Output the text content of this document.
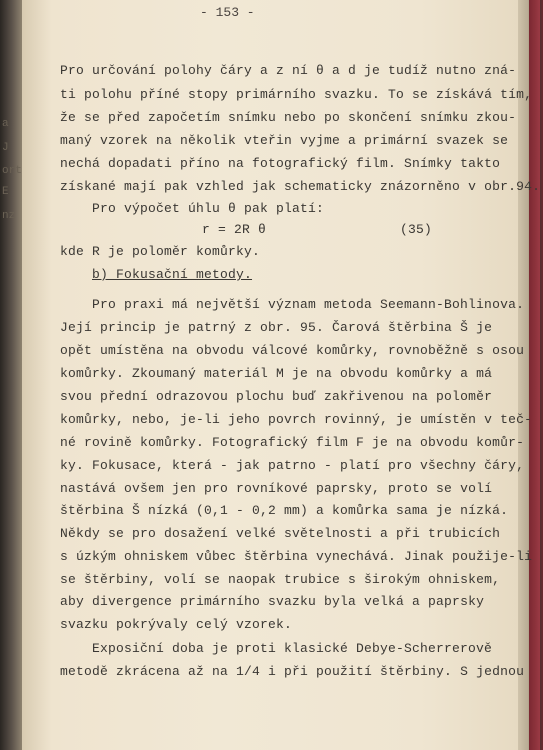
a
J
ort
E
nz
- 153 -
Pro určování polohy čáry a z ní θ a d je tudíž nutno zná-
ti polohu příné stopy primárního svazku. To se získává tím,
že se před započetím snímku nebo po skončení snímku zkou-
maný vzorek na několik vteřin vyjme a primární svazek se
nechá dopadati příno na fotografický film. Snímky takto
získané mají pak vzhled jak schematicky znázorněno v obr.94.
Pro výpočet úhlu θ pak platí:
r = 2R θ	(35)
kde R je poloměr komůrky.
b) Fokusační metody.
Pro praxi má největší význam metoda Seemann-Bohlinova.
Její princip je patrný z obr. 95. Čarová štěrbina Š je
opět umístěna na obvodu válcové komůrky, rovnoběžně s osou
komůrky. Zkoumaný materiál M je na obvodu komůrky a má
svou přední odrazovou plochu buď zakřivenou na poloměr
komůrky, nebo, je-li jeho povrch rovinný, je umístěn v teč-
né rovině komůrky. Fotografický film F je na obvodu komůr-
ky. Fokusace, která - jak patrno - platí pro všechny čáry,
nastává ovšem jen pro rovníkové paprsky, proto se volí
štěrbina Š nízká (0,1 - 0,2 mm) a komůrka sama je nízká.
Někdy se pro dosažení velké světelnosti a při trubicích
s úzkým ohniskem vůbec štěrbina vynechává. Jinak použije-li
se štěrbiny, volí se naopak trubice s širokým ohniskem,
aby divergence primárního svazku byla velká a paprsky
svazku pokrývaly celý vzorek.
Exposiční doba je proti klasické Debye-Scherrerově
metodě zkrácena až na 1/4 i při použití štěrbiny. S jednou
